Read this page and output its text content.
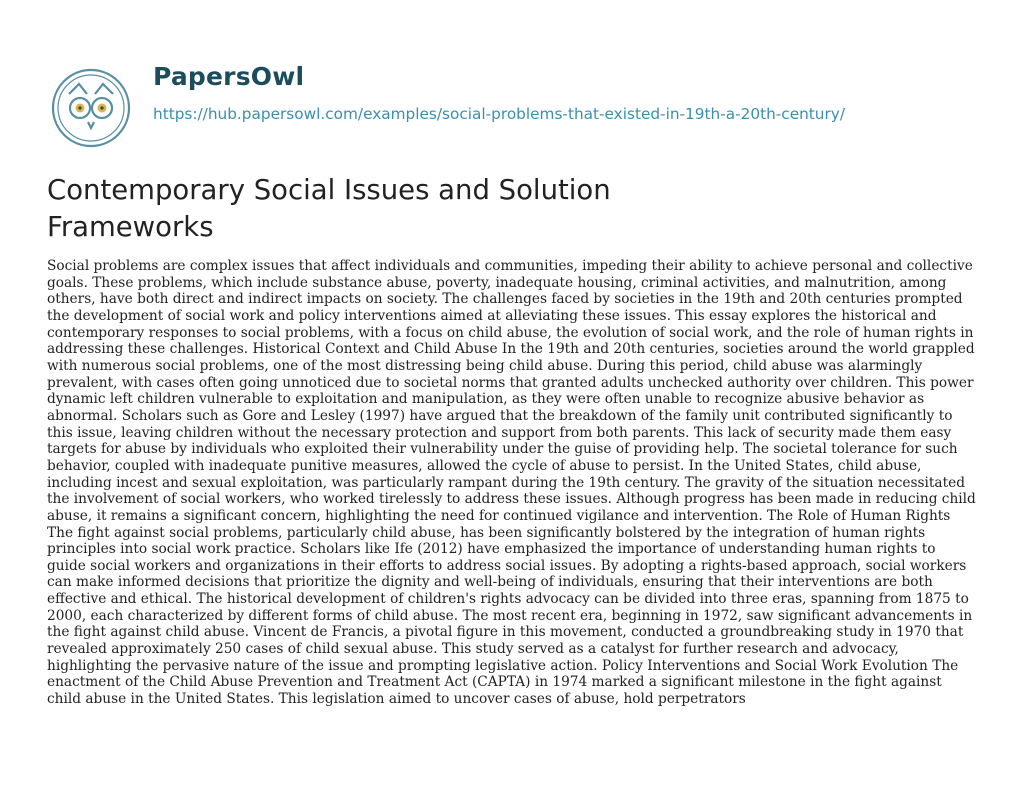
PapersOwl
https://hub.papersowl.com/examples/social-problems-that-existed-in-19th-a-20th-century/
Contemporary Social Issues and Solution Frameworks

Social problems are complex issues that affect individuals and communities, impeding their ability to achieve personal and collective goals. These problems, which include substance abuse, poverty, inadequate housing, criminal activities, and malnutrition, among others, have both direct and indirect impacts on society. The challenges faced by societies in the 19th and 20th centuries prompted the development of social work and policy interventions aimed at alleviating these issues. This essay explores the historical and contemporary responses to social problems, with a focus on child abuse, the evolution of social work, and the role of human rights in addressing these challenges. Historical Context and Child Abuse In the 19th and 20th centuries, societies around the world grappled with numerous social problems, one of the most distressing being child abuse. During this period, child abuse was alarmingly prevalent, with cases often going unnoticed due to societal norms that granted adults unchecked authority over children. This power dynamic left children vulnerable to exploitation and manipulation, as they were often unable to recognize abusive behavior as abnormal. Scholars such as Gore and Lesley (1997) have argued that the breakdown of the family unit contributed significantly to this issue, leaving children without the necessary protection and support from both parents. This lack of security made them easy targets for abuse by individuals who exploited their vulnerability under the guise of providing help. The societal tolerance for such behavior, coupled with inadequate punitive measures, allowed the cycle of abuse to persist. In the United States, child abuse, including incest and sexual exploitation, was particularly rampant during the 19th century. The gravity of the situation necessitated the involvement of social workers, who worked tirelessly to address these issues. Although progress has been made in reducing child abuse, it remains a significant concern, highlighting the need for continued vigilance and intervention. The Role of Human Rights The fight against social problems, particularly child abuse, has been significantly bolstered by the integration of human rights principles into social work practice. Scholars like Ife (2012) have emphasized the importance of understanding human rights to guide social workers and organizations in their efforts to address social issues. By adopting a rights-based approach, social workers can make informed decisions that prioritize the dignity and well-being of individuals, ensuring that their interventions are both effective and ethical. The historical development of children's rights advocacy can be divided into three eras, spanning from 1875 to 2000, each characterized by different forms of child abuse. The most recent era, beginning in 1972, saw significant advancements in the fight against child abuse. Vincent de Francis, a pivotal figure in this movement, conducted a groundbreaking study in 1970 that revealed approximately 250 cases of child sexual abuse. This study served as a catalyst for further research and advocacy, highlighting the pervasive nature of the issue and prompting legislative action. Policy Interventions and Social Work Evolution The enactment of the Child Abuse Prevention and Treatment Act (CAPTA) in 1974 marked a significant milestone in the fight against child abuse in the United States. This legislation aimed to uncover cases of abuse, hold perpetrators
